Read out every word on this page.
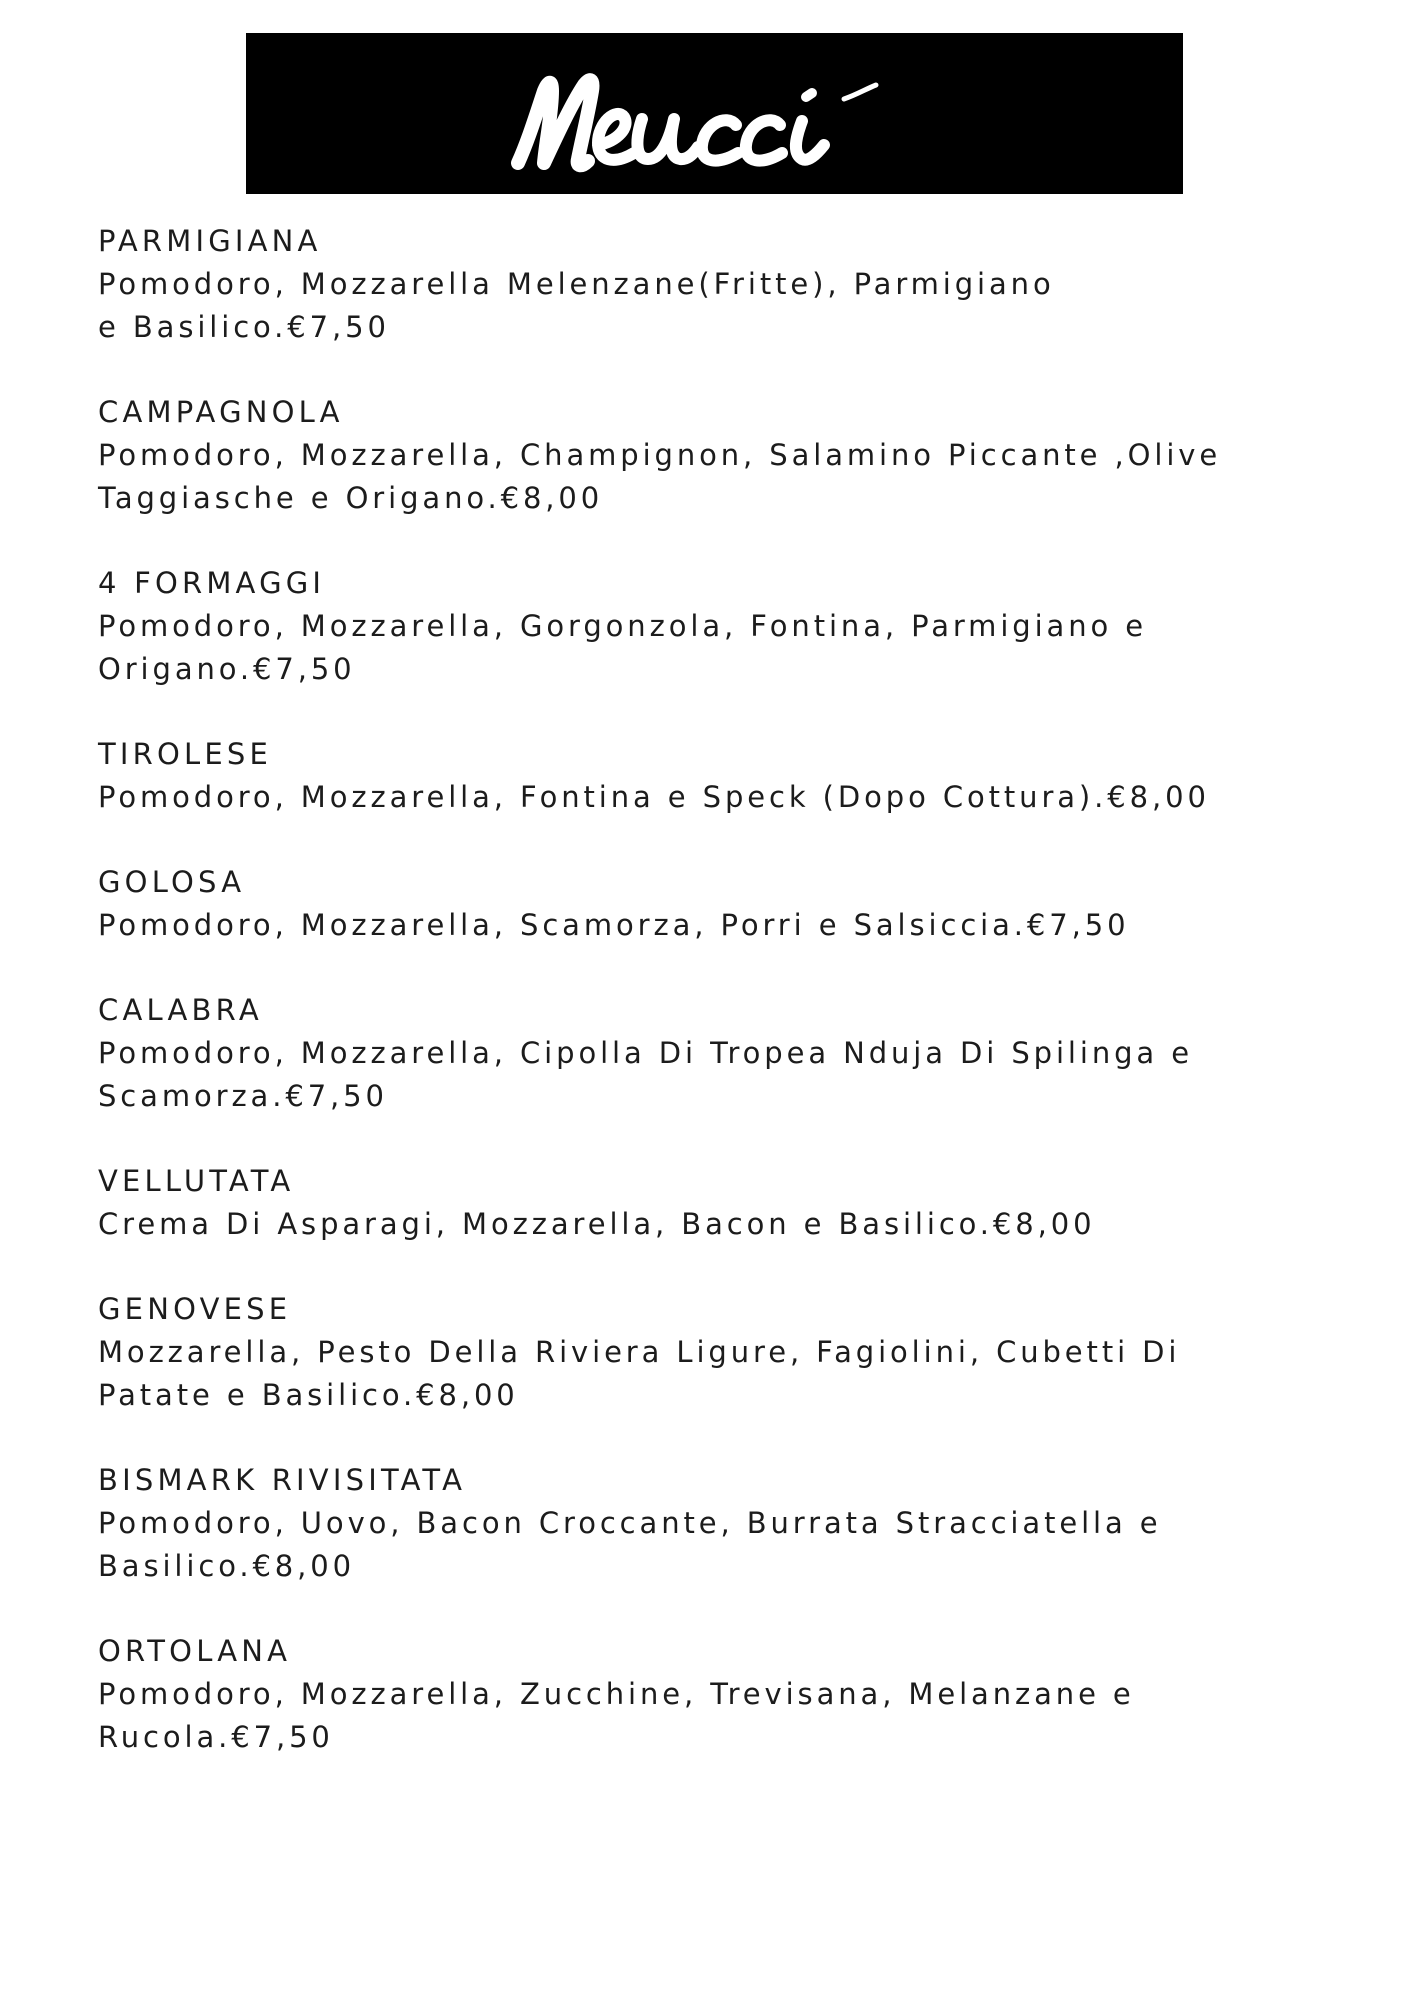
PARMIGIANA
Pomodoro, Mozzarella Melenzane(Fritte), Parmigiano
e Basilico.€7,50
CAMPAGNOLA
Pomodoro, Mozzarella, Champignon, Salamino Piccante ,Olive
Taggiasche e Origano.€8,00
4 FORMAGGI
Pomodoro, Mozzarella, Gorgonzola, Fontina, Parmigiano e
Origano.€7,50
TIROLESE
Pomodoro, Mozzarella, Fontina e Speck (Dopo Cottura).€8,00
GOLOSA
Pomodoro, Mozzarella, Scamorza, Porri e Salsiccia.€7,50
CALABRA
Pomodoro, Mozzarella, Cipolla Di Tropea Nduja Di Spilinga e
Scamorza.€7,50
VELLUTATA
Crema Di Asparagi, Mozzarella, Bacon e Basilico.€8,00
GENOVESE
Mozzarella, Pesto Della Riviera Ligure, Fagiolini, Cubetti Di
Patate e Basilico.€8,00
BISMARK RIVISITATA
Pomodoro, Uovo, Bacon Croccante, Burrata Stracciatella e
Basilico.€8,00
ORTOLANA
Pomodoro, Mozzarella, Zucchine, Trevisana, Melanzane e
Rucola.€7,50
